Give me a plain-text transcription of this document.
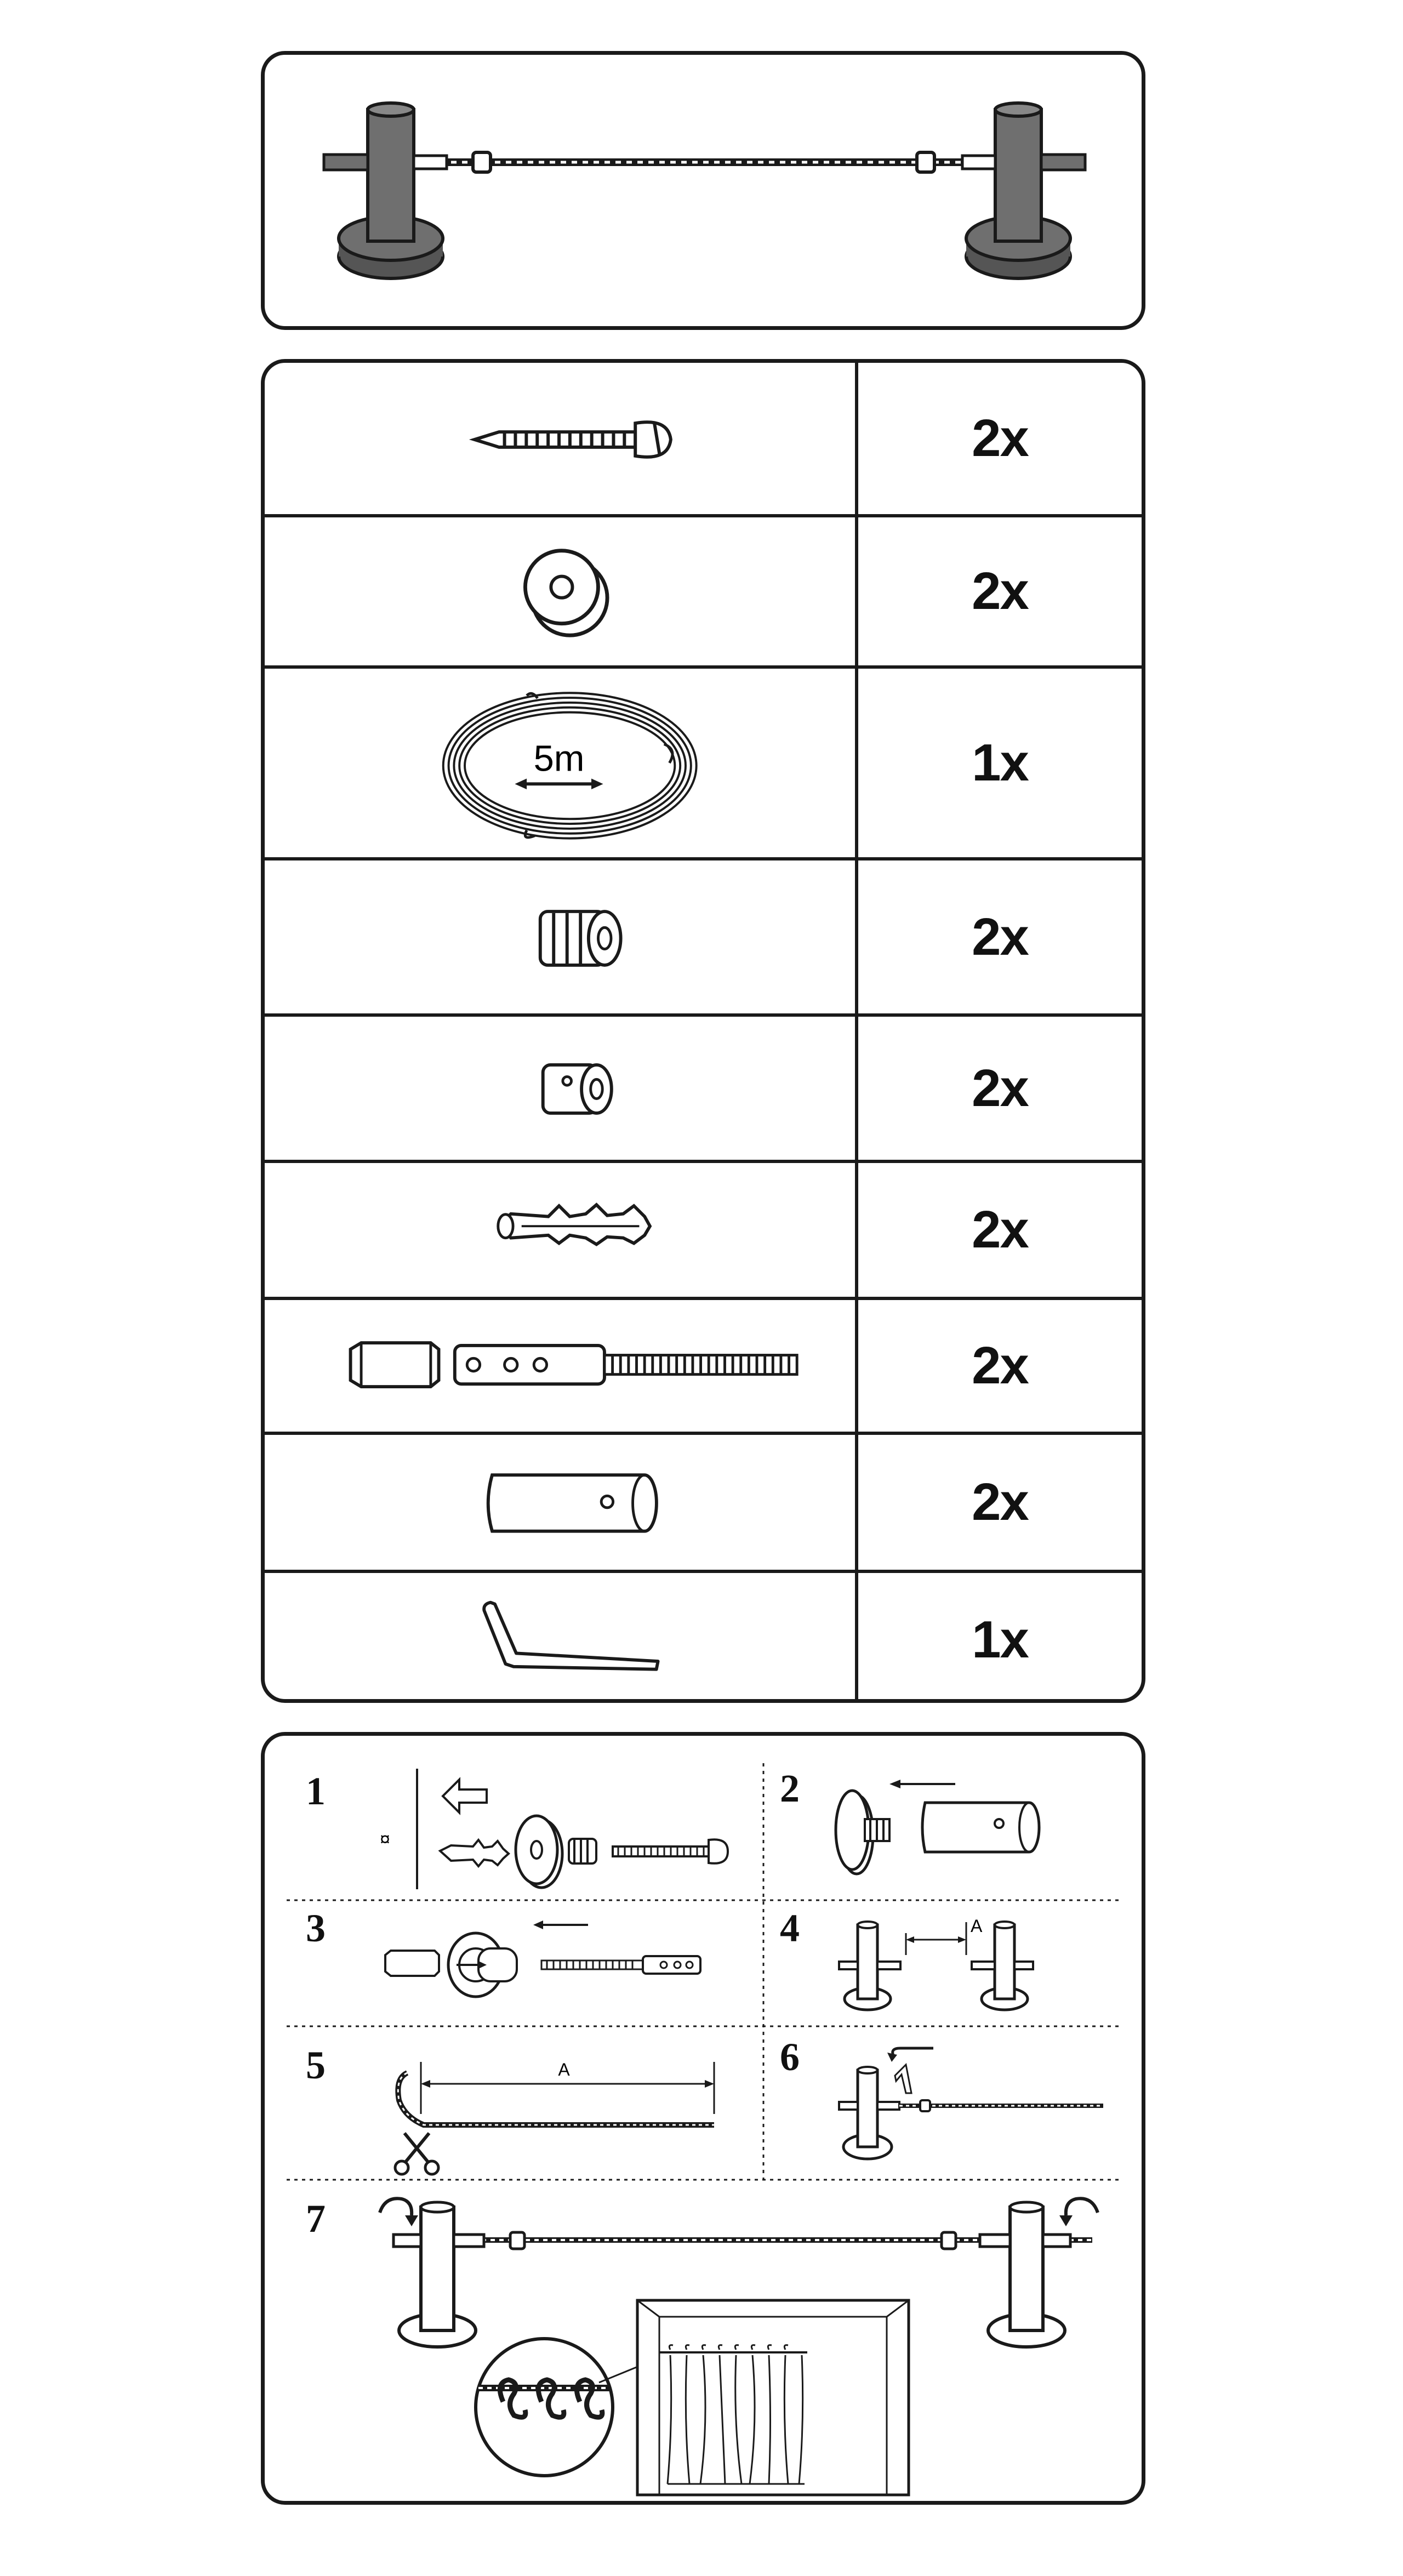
2x
2x
5m	1x
2x
2x
2x
2x
2x
1x
1
¤
2
3	4	A
5	A	6
7
